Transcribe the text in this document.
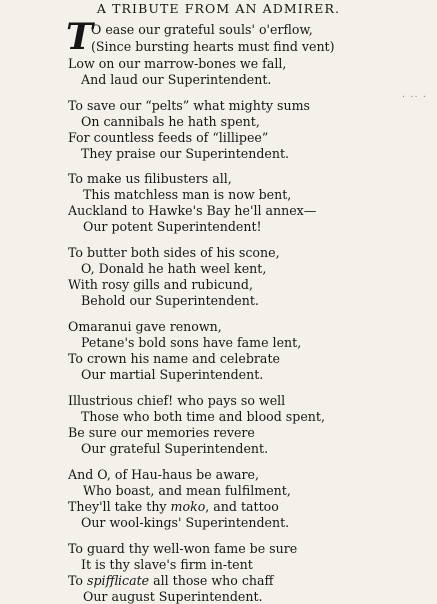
A TRIBUTE FROM AN ADMIRER.
T
· ·· ·
O ease our grateful souls' o'erflow,
(Since bursting hearts must find vent)
Low on our marrow-bones we fall,
And laud our Superintendent.
To save our “pelts” what mighty sums
On cannibals he hath spent,
For countless feeds of “lillipee”
They praise our Superintendent.
To make us filibusters all,
This matchless man is now bent,
Auckland to Hawke's Bay he'll annex—
Our potent Superintendent!
To butter both sides of his scone,
O, Donald he hath weel kent,
With rosy gills and rubicund,
Behold our Superintendent.
Omaranui gave renown,
Petane's bold sons have fame lent,
To crown his name and celebrate
Our martial Superintendent.
Illustrious chief! who pays so well
Those who both time and blood spent,
Be sure our memories revere
Our grateful Superintendent.
And O, of Hau-haus be aware,
Who boast, and mean fulfilment,
They'll take thy moko, and tattoo
Our wool-kings' Superintendent.
To guard thy well-won fame be sure
It is thy slave's firm in-tent
To spifflicate all those who chaff
Our august Superintendent.
